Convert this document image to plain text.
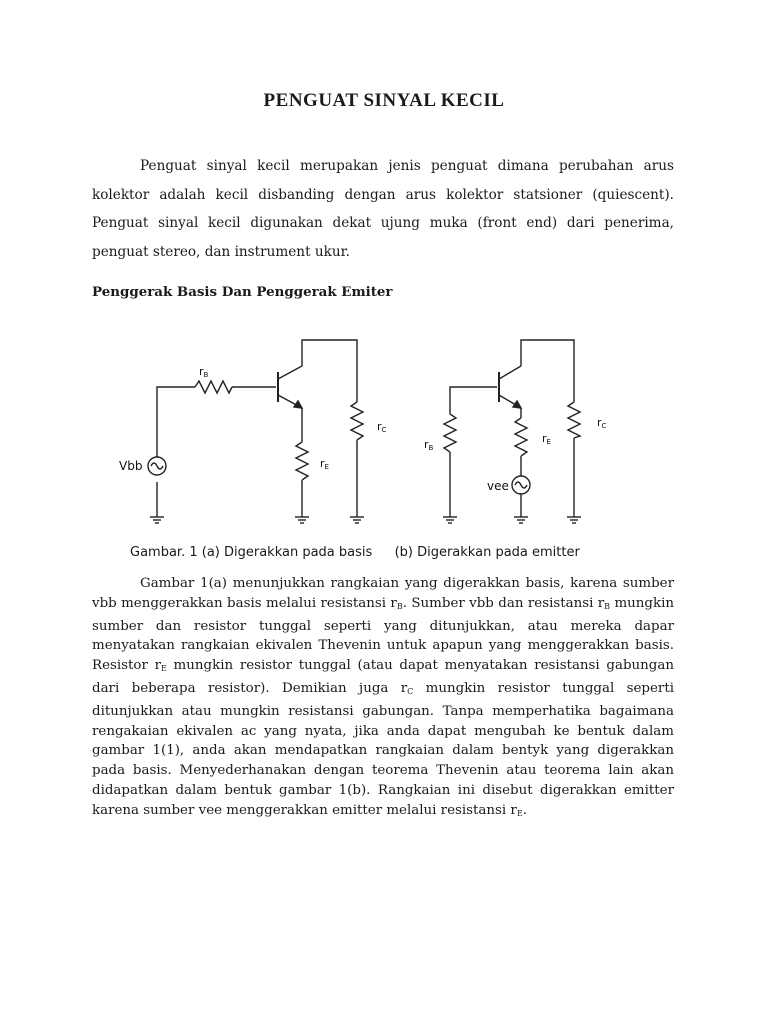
PENGUAT SINYAL KECIL
Penguat sinyal kecil merupakan jenis penguat dimana perubahan arus kolektor adalah kecil disbanding dengan arus kolektor statsioner (quiescent). Penguat sinyal kecil digunakan dekat ujung muka (front end) dari penerima, penguat stereo, dan instrument ukur.
Penggerak Basis Dan Penggerak Emiter
rB
rC
rE
Vbb
rB
rC
rE
vee
Gambar. 1 (a) Digerakkan pada basis (b) Digerakkan pada emitter
Gambar 1(a) menunjukkan rangkaian yang digerakkan basis, karena sumber vbb menggerakkan basis melalui resistansi $r_B$. Sumber vbb dan resistansi $r_B$ mungkin sumber dan resistor tunggal seperti yang ditunjukkan, atau mereka dapar menyatakan rangkaian ekivalen Thevenin untuk apapun yang menggerakkan basis. Resistor $r_E$ mungkin resistor tunggal (atau dapat menyatakan resistansi gabungan dari beberapa resistor). Demikian juga $r_C$ mungkin resistor tunggal seperti ditunjukkan atau mungkin resistansi gabungan. Tanpa memperhatika bagaimana rengakaian ekivalen ac yang nyata, jika anda dapat mengubah ke bentuk dalam gambar 1(1), anda akan mendapatkan rangkaian dalam bentyk yang digerakkan pada basis. Menyederhanakan dengan teorema Thevenin atau teorema lain akan didapatkan dalam bentuk gambar 1(b). Rangkaian ini disebut digerakkan emitter karena sumber vee menggerakkan emitter melalui resistansi $r_E$.
